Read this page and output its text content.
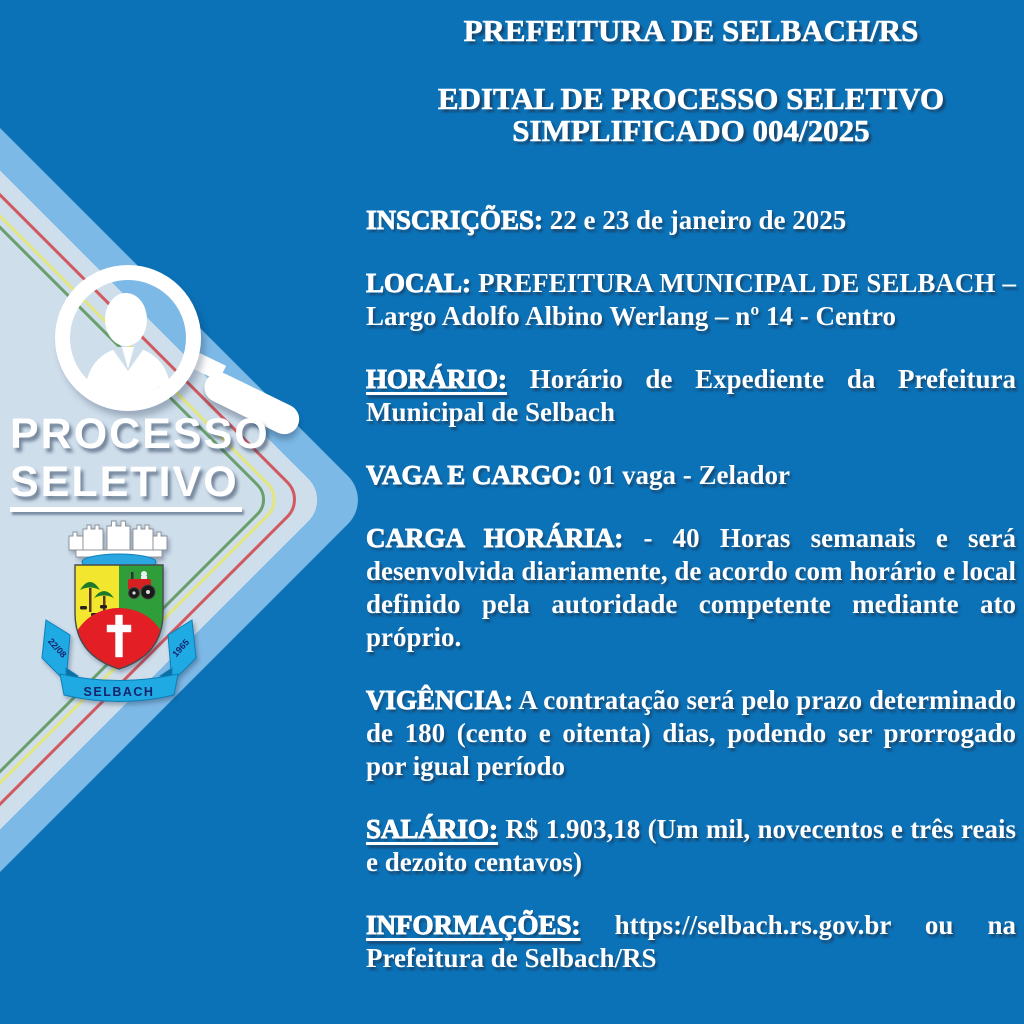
PROCESSO
SELETIVO
SELBACH
22/08	1965
PREFEITURA DE SELBACH/RS
EDITAL DE PROCESSO SELETIVO
SIMPLIFICADO 004/2025

INSCRIÇÕES: 22 e 23 de janeiro de 2025

LOCAL: PREFEITURA MUNICIPAL DE SELBACH – Largo Adolfo Albino Werlang – nº 14 - Centro

HORÁRIO: Horário de Expediente da Prefeitura Municipal de Selbach

VAGA E CARGO: 01 vaga - Zelador

CARGA HORÁRIA: - 40 Horas semanais e será desenvolvida diariamente, de acordo com horário e local definido pela autoridade competente mediante ato próprio.

VIGÊNCIA: A contratação será pelo prazo determinado de 180 (cento e oitenta) dias, podendo ser prorrogado por igual período

SALÁRIO: R$ 1.903,18 (Um mil, novecentos e três reais e dezoito centavos)

INFORMAÇÕES: https://selbach.rs.gov.br ou na Prefeitura de Selbach/RS
